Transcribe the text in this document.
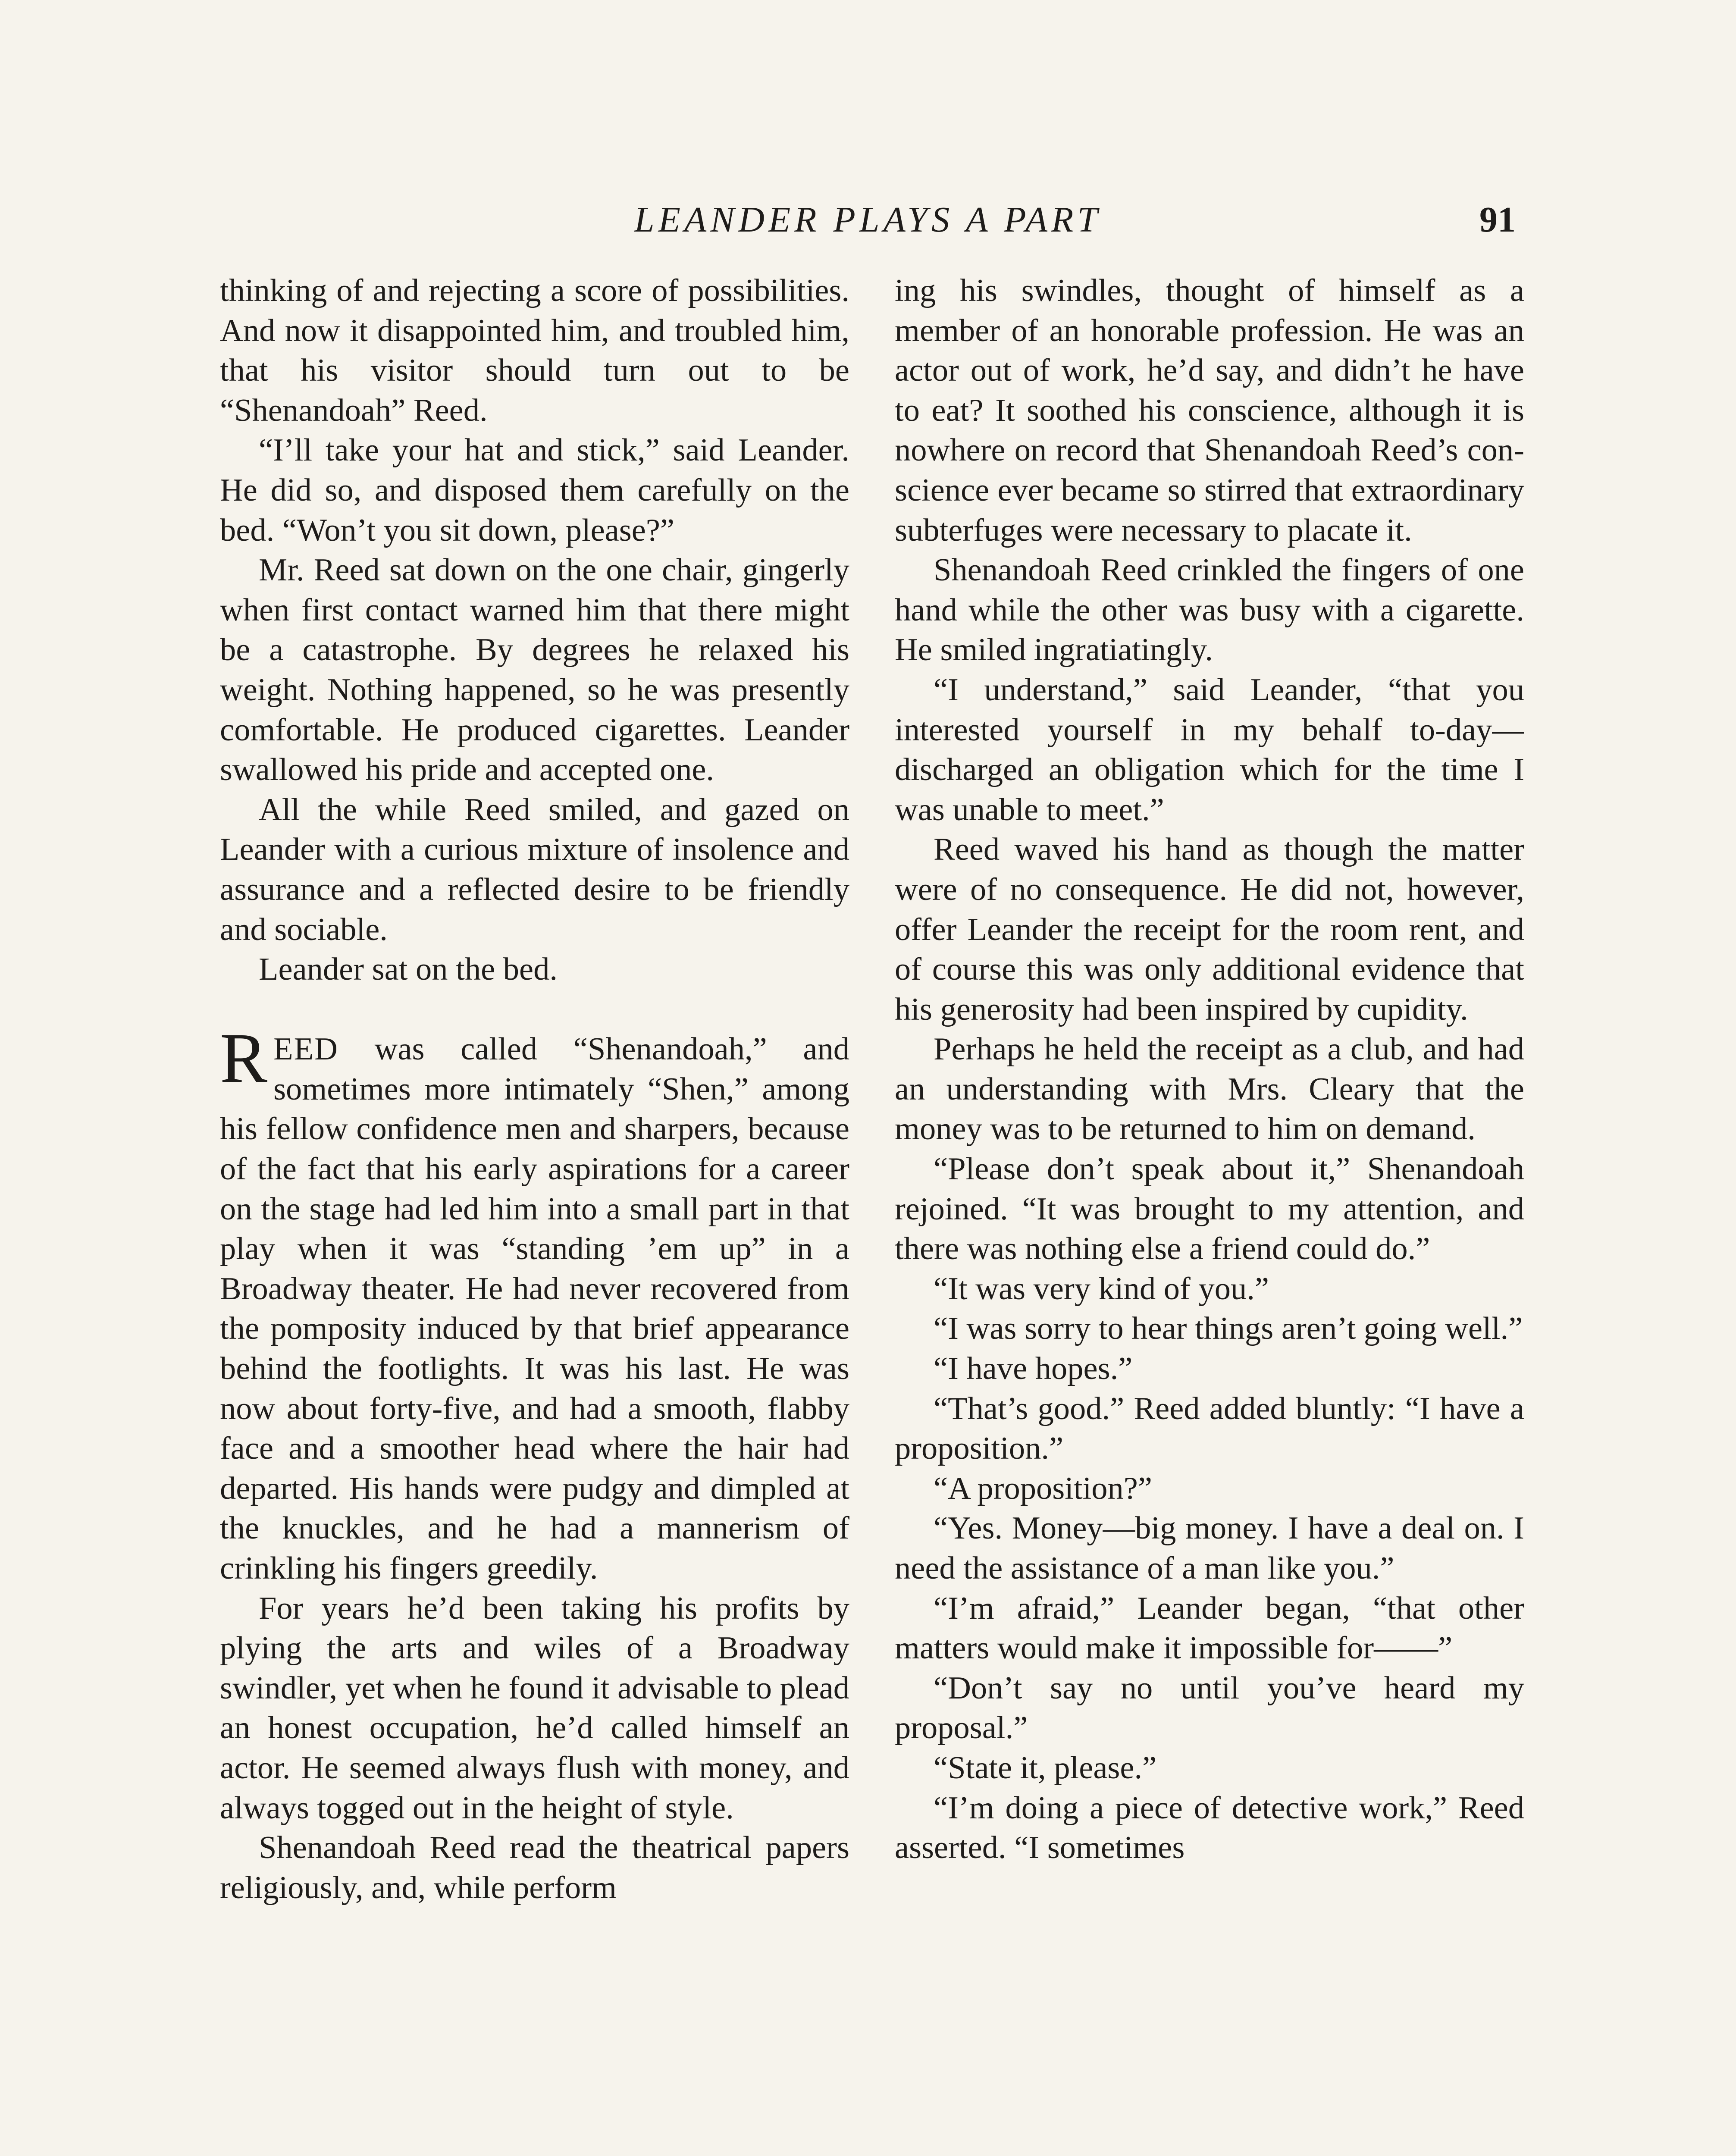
LEANDER PLAYS A PART	91

thinking of and rejecting a score of possibilities. And now it disappointed him, and troubled him, that his visitor should turn out to be “Shenandoah” Reed.

“I’ll take your hat and stick,” said Leander. He did so, and disposed them carefully on the bed. “Won’t you sit down, please?”

Mr. Reed sat down on the one chair, gingerly when first contact warned him that there might be a catastrophe. By degrees he relaxed his weight. Nothing happened, so he was presently comfortable. He produced cigarettes. Leander swallowed his pride and accepted one.

All the while Reed smiled, and gazed on Leander with a curious mixture of insolence and assurance and a reflected desire to be friendly and sociable.

Leander sat on the bed.

REED was called “Shenandoah,” and sometimes more intimately “Shen,” among his fellow confidence men and sharpers, because of the fact that his early aspirations for a career on the stage had led him into a small part in that play when it was “standing ’em up” in a Broadway theater. He had never recovered from the pomposity induced by that brief appearance behind the footlights. It was his last. He was now about forty-five, and had a smooth, flabby face and a smoother head where the hair had departed. His hands were pudgy and dimpled at the knuckles, and he had a mannerism of crinkling his fingers greedily.

For years he’d been taking his profits by plying the arts and wiles of a Broadway swindler, yet when he found it advisable to plead an honest occupation, he’d called himself an actor. He seemed always flush with money, and always togged out in the height of style.

Shenandoah Reed read the theatrical papers religiously, and, while perform

ing his swindles, thought of himself as a member of an honorable profession. He was an actor out of work, he’d say, and didn’t he have to eat? It soothed his conscience, although it is nowhere on record that Shenandoah Reed’s conscience ever became so stirred that extraordinary subterfuges were necessary to placate it.

Shenandoah Reed crinkled the fingers of one hand while the other was busy with a cigarette. He smiled ingratiatingly.

“I understand,” said Leander, “that you interested yourself in my behalf to-day—discharged an obligation which for the time I was unable to meet.”

Reed waved his hand as though the matter were of no consequence. He did not, however, offer Leander the receipt for the room rent, and of course this was only additional evidence that his generosity had been inspired by cupidity.

Perhaps he held the receipt as a club, and had an understanding with Mrs. Cleary that the money was to be returned to him on demand.

“Please don’t speak about it,” Shenandoah rejoined. “It was brought to my attention, and there was nothing else a friend could do.”

“It was very kind of you.”

“I was sorry to hear things aren’t going well.”

“I have hopes.”

“That’s good.” Reed added bluntly: “I have a proposition.”

“A proposition?”

“Yes. Money—big money. I have a deal on. I need the assistance of a man like you.”

“I’m afraid,” Leander began, “that other matters would make it impossible for——”

“Don’t say no until you’ve heard my proposal.”

“State it, please.”

“I’m doing a piece of detective work,” Reed asserted. “I sometimes
